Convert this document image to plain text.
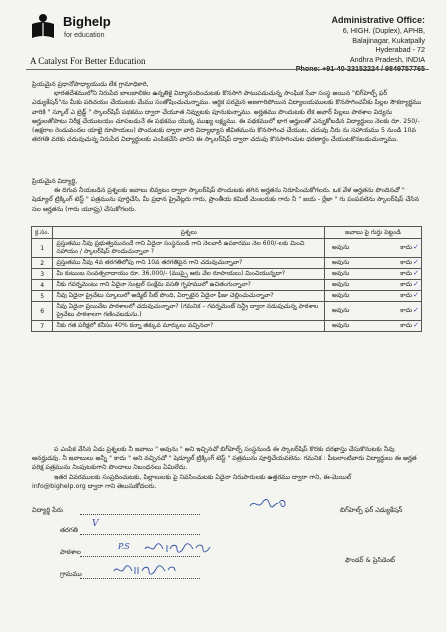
Bighelp
for education
A Catalyst For Better Education
Administrative Office:
6, HIGH. (Duplex), APHB,
Balajinagar, Kukatpally
Hyderabad - 72
Andhra Pradesh, INDIA
Phone: +91-40-23152224 / 9849757765

ప్రియమైన ప్రధానోపాధ్యాయుడు లేక గ్రామాధికారి,

భారతదేశములోని నిరుపేద బాలబాలికల ఉన్నతికై విద్యానందించుటకు కొనసాగి పాటుపడుచున్న సాంఘిక సేవా సంస్థ అయిన "బిగ్‌హెల్ప్ ఫర్ ఎడ్యుకేషన్"ను మీకు పరిచయం చేయుటకు మేము సంతోషించుచున్నాము. ఆర్థిక పరమైన అణగారిపోయిన విద్యాలయములకు కొనసాగించనీకు పిల్లల సౌకర్యార్థము వారికి " స్కూల్ ఎ బ్రెడ్జ్ " స్కాలర్‌షిప్ పథకము ద్వారా చేయూత నివ్వుటకు పూనుకున్నాము. అర్హతము పొందుటకు లేక అవార్ పిల్లలు పాఠశాల విద్యను అర్హులతోపాటు నిరీక్ష చేయుటయం చూపబడునే ఈ పథకము యొక్క ముఖ్య లక్ష్యము. ఈ పథకములో భాగ అర్హులతో ఎన్నుకోబడిన విద్యార్థులు నెలకు రూ. 250/- (అక్షరాల రెండువందల యాభై రూపాయలు) పొందుటకు ద్వారా వారి విద్యాభ్యాస జీవితమును కొనసాగించ చేయుట, చదువు నీరు ను సహాయము 5 నుండి 10వ తరగతి వరకు చదువుచున్న నిరుపేద విద్యార్థులకు ఎంపికచేసి వారిని ఈ స్కాలర్‌షిప్ ద్వారా చదువు కొనసాగించుట ధరణార్థం చేయుటకొనబడుచున్నాము.

ప్రియమైన విద్యార్థి,

ఈ దిగువ నీయబడిన ప్రశ్నలకు జవాబు లివ్వటం ద్వారా స్కాలర్‌షిప్ పొందుటకు తగిన అర్హతను నిరూపించుకోగలరు. ఒక వేళ అర్హతను పొందినచో " షెడ్యూల్ ట్రిక్కింగ్ టెస్ట్ " పత్రమును పూర్తిచేసి, మీ ప్రధాన ప్రైవేట్లరు గారు, ప్రాంతీయ కమిటీ మెంబరుకు గారు నీ " జయ - ర్లేజా " గు పంపవలెను స్కాలర్‌షిప్ చేసిన సల ఆర్హతను (గారు యూఫ్రు) చేసుకోగలరు.

క్ర.సం.	ప్రశ్నలు	జవాబు పై గుర్తు పెట్టండి
1	ప్రస్తుతము నీవు ప్రభుత్వమునందే గాని ఏదైనా సంస్థనుండి గాని నెలవారీ ఉపకారము నెల 600/-లకు మించి సహాయం / స్కాలర్‌షిప్ పొందుచున్నావా ?	అవును కాదు ✓

2	ప్రస్తుతము నీవు 4వ తరగతిలోపు గాని 10వ తరగతిపైన గాని చదువుచున్నావా?	అవును కాదు ✓

3	మీ కుటుంబ సంవత్సరాదాయం రూ. 36,000/- (ముప్పై ఆరు వేల రూపాయలు) మించియున్నదా?	అవును కాదు ✓

4	నీకు గవర్నమెంటు గాని ఏదైనా సెంట్రల్ సంక్షేమ వసతి గృహములో ఉచితంగున్నావా?	అవును కాదు ✓

5	నీవు ఏదైనా ప్రైవేటు స్కూలులో అడ్మిట్ సీట్ పొంది, ఏర్పాటైన ఏదైనా ఫీజు చెల్లించుచున్నావా?	అవును కాదు ✓

6	నీవు ఏదైనా ప్రయివేట పాఠశాలలో చదువుచున్నావా? (గమనిక – గవర్నమెంట్ సెన్ట్రీ ద్వారా నడుపుచున్న పాఠశాల ప్రైవేటు పాఠశాలగా గణించబడును.)	అవును కాదు ✓

7	నీకు గత పరీక్షలో కనీసం 40% కన్నా తక్కువ మార్కులు వచ్చినవా?	అవును కాదు ✓

ప ఎంపిక వేసిన ఏడు ప్రశ్నలకు నీ జవాబు " అవును " అని ఇచ్చినచో బిగ్‌హెల్ప్ సంస్థనుండి ఈ స్కాలర్‌షిప్ కొరకు దరఖాస్తు చేసుకొనుటకు నీవు అనర్హుడవు. నీ జవాబులు అన్నీ " కాదు " అని వచ్చినచో " షెడ్యూల్ ట్రిక్కింగ్ టెస్ట్ " పత్రమును పూర్తిచేయవలెను. గమనిక : పీటలాంటివారు విద్యార్థులు ఈ అర్హత పరిక్ష పత్రమును నింపుటకుగాని పొందాలు నిబంధనలు ఏమిలేదు.

ఇతర వివరములకు సంప్రదించుటకు, పిల్లాలులకు పై నివసించుటకు ఏదైనా నిరుపారులకు ఉత్తరము ద్వారా గాని, ఈ-మెయిల్

info@bighelp.org ద్వారా గాని తెలుసుకోదలరు.

విద్యార్థి పేరు	బిగ్‌హెల్ప్ ఫర్ ఎడ్యుకేషన్
తరగతి
V
పాఠశాల
P.S
గ్రామము
ఫౌండర్ & ప్రెసిడెంట్
